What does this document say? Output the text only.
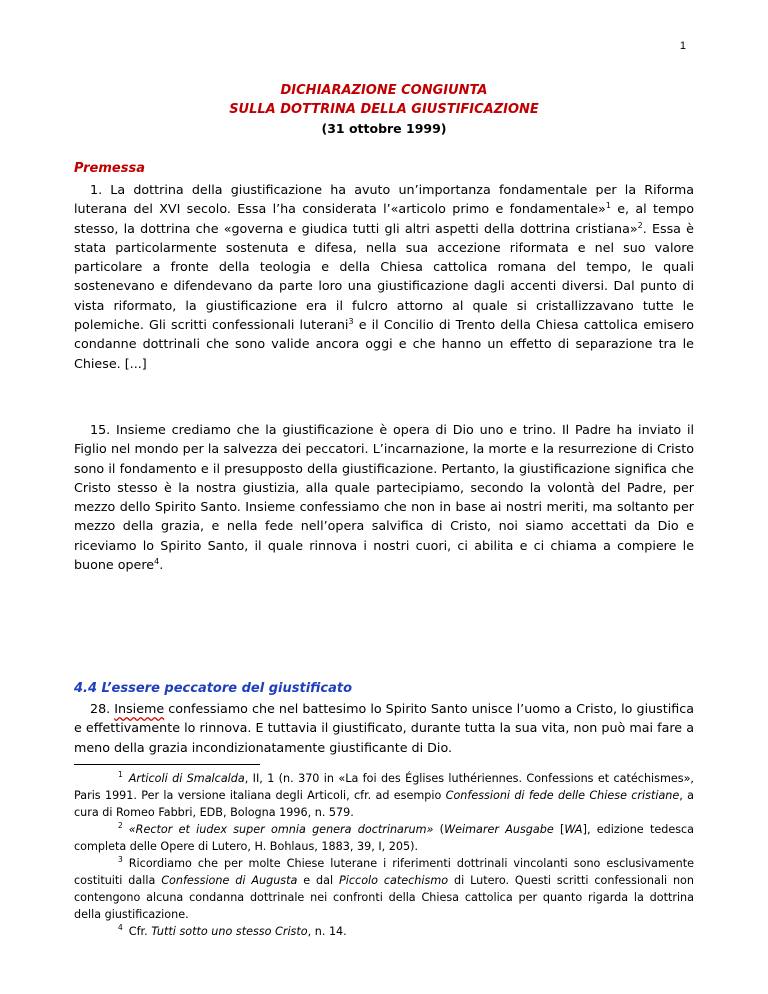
1
DICHIARAZIONE CONGIUNTA
SULLA DOTTRINA DELLA GIUSTIFICAZIONE
(31 ottobre 1999)
Premessa
1. La dottrina della giustificazione ha avuto un’importanza fondamentale per la Riforma luterana del XVI secolo. Essa l’ha considerata l’«articolo primo e fondamentale»$^1$ e, al tempo stesso, la dottrina che «governa e giudica tutti gli altri aspetti della dottrina cristiana»$^2$. Essa è stata particolarmente sostenuta e difesa, nella sua accezione riformata e nel suo valore particolare a fronte della teologia e della Chiesa cattolica romana del tempo, le quali sostenevano e difendevano da parte loro una giustificazione dagli accenti diversi. Dal punto di vista riformato, la giustificazione era il fulcro attorno al quale si cristallizzavano tutte le polemiche. Gli scritti confessionali luterani$^3$ e il Concilio di Trento della Chiesa cattolica emisero condanne dottrinali che sono valide ancora oggi e che hanno un effetto di separazione tra le Chiese. [...]
15. Insieme crediamo che la giustificazione è opera di Dio uno e trino. Il Padre ha inviato il Figlio nel mondo per la salvezza dei peccatori. L’incarnazione, la morte e la resurrezione di Cristo sono il fondamento e il presupposto della giustificazione. Pertanto, la giustificazione significa che Cristo stesso è la nostra giustizia, alla quale partecipiamo, secondo la volontà del Padre, per mezzo dello Spirito Santo. Insieme confessiamo che non in base ai nostri meriti, ma soltanto per mezzo della grazia, e nella fede nell’opera salvifica di Cristo, noi siamo accettati da Dio e riceviamo lo Spirito Santo, il quale rinnova i nostri cuori, ci abilita e ci chiama a compiere le buone opere$^4$.
4.4 L’essere peccatore del giustificato
28. Insieme confessiamo che nel battesimo lo Spirito Santo unisce l’uomo a Cristo, lo giustifica e effettivamente lo rinnova. E tuttavia il giustificato, durante tutta la sua vita, non può mai fare a meno della grazia incondizionatamente giustificante di Dio.

$^1$ Articoli di Smalcalda, II, 1 (n. 370 in «La foi des Églises luthériennes. Confessions et catéchismes», Paris 1991. Per la versione italiana degli Articoli, cfr. ad esempio Confessioni di fede delle Chiese cristiane, a cura di Romeo Fabbri, EDB, Bologna 1996, n. 579.

$^2$ «Rector et iudex super omnia genera doctrinarum» (Weimarer Ausgabe [WA], edizione tedesca completa delle Opere di Lutero, H. Bohlaus, 1883, 39, I, 205).

$^3$ Ricordiamo che per molte Chiese luterane i riferimenti dottrinali vincolanti sono esclusivamente costituiti dalla Confessione di Augusta e dal Piccolo catechismo di Lutero. Questi scritti confessionali non contengono alcuna condanna dottrinale nei confronti della Chiesa cattolica per quanto rigarda la dottrina della giustificazione.

$^4$ Cfr. Tutti sotto uno stesso Cristo, n. 14.
